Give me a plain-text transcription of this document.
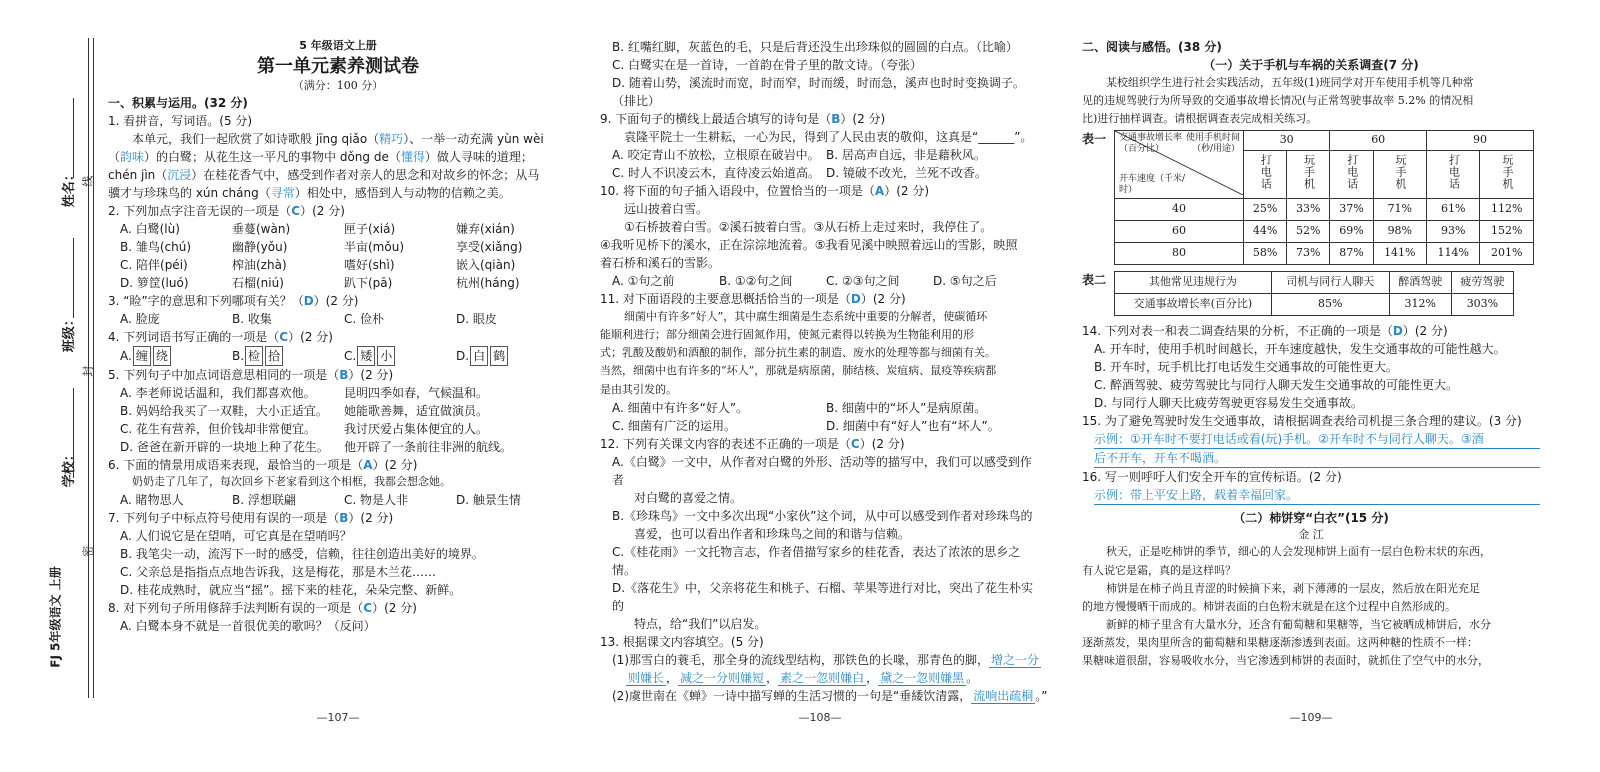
姓名： 线
班级：
封
学校：
密
FJ 5年级语文 上册
5 年级语文上册
第一单元素养测试卷
（满分：100 分）
一、积累与运用。(32 分)
1. 看拼音，写词语。(5 分)
本单元，我们一起欣赏了如诗歌般 jīng qiǎo（精巧）、一举一动充满 yùn wèi
（韵味）的白鹭；从花生这一平凡的事物中 dǒng de（懂得）做人寻味的道理；
chén jìn（沉浸）在桂花香气中，感受到作者对亲人的思念和对故乡的怀念；从马
骥才与珍珠鸟的 xún cháng（寻常）相处中，感悟到人与动物的信赖之美。
2. 下列加点字注音无误的一项是（C）(2 分)
A. 白鹭(lù)	垂蔓(wàn)	匣子(xiá)	嫌弃(xián)
B. 雏鸟(chú)	幽静(yǒu)	半亩(mǒu)	享受(xiǎng)
C. 陪伴(péi)	榨油(zhà)	嗜好(shì)	嵌入(qiàn)
D. 箩筐(luó)	石榴(niú)	趴下(pā)	杭州(háng)
3. “睑”字的意思和下列哪项有关？（D）(2 分)
A. 脸庞	B. 收集	C. 俭朴	D. 眼皮
4. 下列词语书写正确的一项是（C）(2 分)
A. 缠 绕	B. 检 拾	C. 矮 小	D. 白 鹤
5. 下列句子中加点词语意思相同的一项是（B）(2 分)
A. 李老师说话温和，我们都喜欢他。	昆明四季如春，气候温和。
B. 妈妈给我买了一双鞋，大小正适宜。	她能歌善舞，适宜做演员。
C. 花生有营养，但价钱却非常便宜。	我讨厌爱占集体便宜的人。
D. 爸爸在新开辟的一块地上种了花生。	他开辟了一条前往非洲的航线。
6. 下面的情景用成语来表现，最恰当的一项是（A）(2 分)
奶奶走了几年了，每次回乡下老家看到这个相框，我都会想念她。
A. 睹物思人	B. 浮想联翩	C. 物是人非	D. 触景生情
7. 下列句子中标点符号使用有误的一项是（B）(2 分)
A. 人们说它是在望哨，可它真是在望哨吗？
B. 我笔尖一动，流泻下一时的感受，信赖，往往创造出美好的境界。
C. 父亲总是指指点点地告诉我，这是梅花，那是木兰花……
D. 桂花成熟时，就应当“摇”。摇下来的桂花，朵朵完整、新鲜。
8. 对下列句子所用修辞手法判断有误的一项是（C）(2 分)
A. 白鹭本身不就是一首很优美的歌吗？（反问）
—107—
B. 红嘴红脚，灰蓝色的毛，只是后背还没生出珍珠似的圆圆的白点。（比喻）
C. 白鹭实在是一首诗，一首韵在骨子里的散文诗。（夸张）
D. 随着山势，溪流时而宽，时而窄，时而缓，时而急，溪声也时时变换调子。（排比）
9. 下面句子的横线上最适合填写的诗句是（B）(2 分)
袁隆平院士一生耕耘，一心为民，得到了人民由衷的敬仰，这真是“______”。
A. 咬定青山不放松，立根原在破岩中。 B. 居高声自远，非是藉秋风。
C. 时人不识凌云木，直待凌云始道高。 D. 镜破不改光，兰死不改香。
10. 将下面的句子插入语段中，位置恰当的一项是（A）(2 分)
远山披着白雪。
①石桥披着白雪。②溪石披着白雪。③从石桥上走过来时，我停住了。
④我听见桥下的溪水，正在淙淙地流着。⑤我看见溪中映照着远山的雪影，映照
着石桥和溪石的雪影。
A. ①句之前	B. ①②句之间	C. ②③句之间	D. ⑤句之后
11. 对下面语段的主要意思概括恰当的一项是（D）(2 分)
细菌中有许多“好人”，其中腐生细菌是生态系统中重要的分解者，使碳循环
能顺利进行；部分细菌会进行固氮作用，使氮元素得以转换为生物能利用的形
式；乳酸及酸奶和酒酿的制作，部分抗生素的制造、废水的处理等都与细菌有关。
当然，细菌中也有许多的“坏人”，那就是病原菌，肺结核、炭疽病、鼠疫等疾病都
是由其引发的。
A. 细菌中有许多“好人”。	B. 细菌中的“坏人”是病原菌。
C. 细菌有广泛的运用。	D. 细菌中有“好人”也有“坏人”。
12. 下列有关课文内容的表述不正确的一项是（C）(2 分)
A.《白鹭》一文中，从作者对白鹭的外形、活动等的描写中，我们可以感受到作者
对白鹭的喜爱之情。
B.《珍珠鸟》一文中多次出现“小家伙”这个词，从中可以感受到作者对珍珠鸟的
喜爱，也可以看出作者和珍珠鸟之间的和谐与信赖。
C.《桂花雨》一文托物言志，作者借描写家乡的桂花香，表达了浓浓的思乡之情。
D.《落花生》中，父亲将花生和桃子、石榴、苹果等进行对比，突出了花生朴实的
特点，给“我们”以启发。
13. 根据课文内容填空。(5 分)
(1)那雪白的蓑毛，那全身的流线型结构，那铁色的长喙，那青色的脚， 增之一分
则嫌长 ， 减之一分则嫌短 ， 素之一忽则嫌白 ， 黛之一忽则嫌黑 。
(2)虞世南在《蝉》一诗中描写蝉的生活习惯的一句是“垂緌饮清露， 流响出疏桐 。”
—108—
二、阅读与感悟。(38 分)
（一）关于手机与车祸的关系调查(7 分)
某校组织学生进行社会实践活动，五年级(1)班同学对开车使用手机等几种常
见的违规驾驶行为所导致的交通事故增长情况(与正常驾驶事故率 5.2% 的情况相
比)进行抽样调查。请根据调查表完成相关练习。
表一	交通事故增长率（百分比）
使用手机时间（秒/用途）
开车速度（千米/时）	30		60		90	
	打电话	玩手机	打电话	玩手机	打电话	玩手机
40	25%	33%	37%	71%	61%	112%
60	44%	52%	69%	98%	93%	152%
80	58%	73%	87%	141%	114%	201%
表二	其他常见违规行为	司机与同行人聊天	醉酒驾驶	疲劳驾驶
交通事故增长率(百分比)	85%	312%	303%
14. 下列对表一和表二调查结果的分析，不正确的一项是（D）(2 分)
A. 开车时，使用手机时间越长，开车速度越快，发生交通事故的可能性越大。
B. 开车时，玩手机比打电话发生交通事故的可能性更大。
C. 醉酒驾驶、疲劳驾驶比与同行人聊天发生交通事故的可能性更大。
D. 与同行人聊天比疲劳驾驶更容易发生交通事故。
15. 为了避免驾驶时发生交通事故，请根据调查表给司机提三条合理的建议。(3 分)
示例：①开车时不要打电话或看(玩)手机。②开车时不与同行人聊天。③酒
后不开车，开车不喝酒。
16. 写一则呼吁人们安全开车的宣传标语。(2 分)
示例：带上平安上路，载着幸福回家。
（二）柿饼穿“白衣”(15 分)
金 江
秋天，正是吃柿饼的季节，细心的人会发现柿饼上面有一层白色粉末状的东西，
有人说它是霜，真的是这样吗？
柿饼是在柿子尚且青涩的时候摘下来，剥下薄薄的一层皮，然后放在阳光充足
的地方慢慢晒干而成的。柿饼表面的白色粉末就是在这个过程中自然形成的。
新鲜的柿子里含有大量水分，还含有葡萄糖和果糖等，当它被晒成柿饼后，水分
逐渐蒸发，果肉里所含的葡萄糖和果糖逐渐渗透到表面。这两种糖的性质不一样：
果糖味道很甜，容易吸收水分，当它渗透到柿饼的表面时，就抓住了空气中的水分，
—109—
